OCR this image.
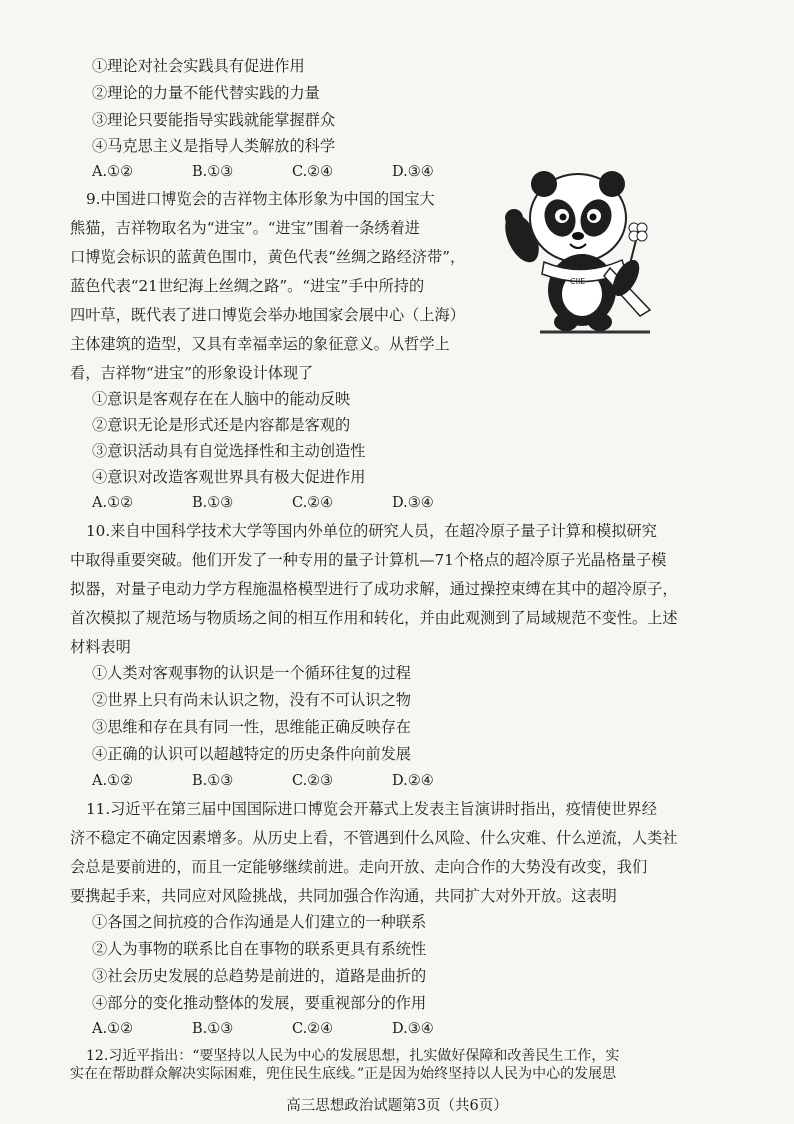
①理论对社会实践具有促进作用
②理论的力量不能代替实践的力量
③理论只要能指导实践就能掌握群众
④马克思主义是指导人类解放的科学
A.①②	B.①③	C.②④	D.③④
9.中国进口博览会的吉祥物主体形象为中国的国宝大
熊猫，吉祥物取名为“进宝”。“进宝”围着一条绣着进
口博览会标识的蓝黄色围巾，黄色代表“丝绸之路经济带”，
蓝色代表“21世纪海上丝绸之路”。“进宝”手中所持的
四叶草，既代表了进口博览会举办地国家会展中心（上海）
主体建筑的造型，又具有幸福幸运的象征意义。从哲学上
看，吉祥物“进宝”的形象设计体现了
CIIE
①意识是客观存在在人脑中的能动反映
②意识无论是形式还是内容都是客观的
③意识活动具有自觉选择性和主动创造性
④意识对改造客观世界具有极大促进作用
A.①②	B.①③	C.②④	D.③④
10.来自中国科学技术大学等国内外单位的研究人员，在超冷原子量子计算和模拟研究
中取得重要突破。他们开发了一种专用的量子计算机—71个格点的超冷原子光晶格量子模
拟器，对量子电动力学方程施温格模型进行了成功求解，通过操控束缚在其中的超冷原子，
首次模拟了规范场与物质场之间的相互作用和转化，并由此观测到了局域规范不变性。上述
材料表明
①人类对客观事物的认识是一个循环往复的过程
②世界上只有尚未认识之物，没有不可认识之物
③思维和存在具有同一性，思维能正确反映存在
④正确的认识可以超越特定的历史条件向前发展
A.①②	B.①③	C.②③	D.②④
11.习近平在第三届中国国际进口博览会开幕式上发表主旨演讲时指出，疫情使世界经
济不稳定不确定因素增多。从历史上看，不管遇到什么风险、什么灾难、什么逆流，人类社
会总是要前进的，而且一定能够继续前进。走向开放、走向合作的大势没有改变，我们
要携起手来，共同应对风险挑战，共同加强合作沟通，共同扩大对外开放。这表明
①各国之间抗疫的合作沟通是人们建立的一种联系
②人为事物的联系比自在事物的联系更具有系统性
③社会历史发展的总趋势是前进的，道路是曲折的
④部分的变化推动整体的发展，要重视部分的作用
A.①②	B.①③	C.②④	D.③④
12.习近平指出：“要坚持以人民为中心的发展思想，扎实做好保障和改善民生工作，实
实在在帮助群众解决实际困难，兜住民生底线。”正是因为始终坚持以人民为中心的发展思
高三思想政治试题第3页（共6页）
